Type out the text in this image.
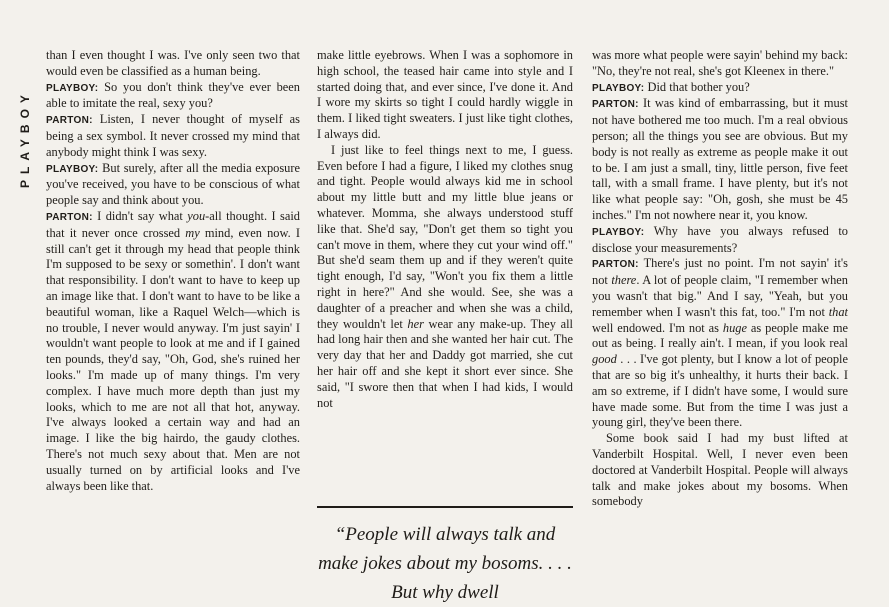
PLAYBOY

than I even thought I was. I've only seen two that would even be classified as a human being.

PLAYBOY: So you don't think they've ever been able to imitate the real, sexy you?

PARTON: Listen, I never thought of myself as being a sex symbol. It never crossed my mind that anybody might think I was sexy.

PLAYBOY: But surely, after all the media exposure you've received, you have to be conscious of what people say and think about you.

PARTON: I didn't say what you-all thought. I said that it never once crossed my mind, even now. I still can't get it through my head that people think I'm supposed to be sexy or somethin'. I don't want that responsibility. I don't want to have to keep up an image like that. I don't want to have to be like a beautiful woman, like a Raquel Welch—which is no trouble, I never would anyway. I'm just sayin' I wouldn't want people to look at me and if I gained ten pounds, they'd say, "Oh, God, she's ruined her looks." I'm made up of many things. I'm very complex. I have much more depth than just my looks, which to me are not all that hot, anyway. I've always looked a certain way and had an image. I like the big hairdo, the gaudy clothes. There's not much sexy about that. Men are not usually turned on by artificial looks and I've always been like that.

make little eyebrows. When I was a sophomore in high school, the teased hair came into style and I started doing that, and ever since, I've done it. And I wore my skirts so tight I could hardly wiggle in them. I liked tight sweaters. I just like tight clothes, I always did.

I just like to feel things next to me, I guess. Even before I had a figure, I liked my clothes snug and tight. People would always kid me in school about my little butt and my little blue jeans or whatever. Momma, she always understood stuff like that. She'd say, "Don't get them so tight you can't move in them, where they cut your wind off." But she'd seam them up and if they weren't quite tight enough, I'd say, "Won't you fix them a little right in here?" And she would. See, she was a daughter of a preacher and when she was a child, they wouldn't let her wear any make-up. They all had long hair then and she wanted her hair cut. The very day that her and Daddy got married, she cut her hair off and she kept it short ever since. She said, "I swore then that when I had kids, I would not

“People will always talk and make jokes about my bosoms. . . . But why dwell

was more what people were sayin' behind my back: "No, they're not real, she's got Kleenex in there."

PLAYBOY: Did that bother you?

PARTON: It was kind of embarrassing, but it must not have bothered me too much. I'm a real obvious person; all the things you see are obvious. But my body is not really as extreme as people make it out to be. I am just a small, tiny, little person, five feet tall, with a small frame. I have plenty, but it's not like what people say: "Oh, gosh, she must be 45 inches." I'm not nowhere near it, you know.

PLAYBOY: Why have you always refused to disclose your measurements?

PARTON: There's just no point. I'm not sayin' it's not there. A lot of people claim, "I remember when you wasn't that big." And I say, "Yeah, but you remember when I wasn't this fat, too." I'm not that well endowed. I'm not as huge as people make me out as being. I really ain't. I mean, if you look real good . . . I've got plenty, but I know a lot of people that are so big it's unhealthy, it hurts their back. I am so extreme, if I didn't have some, I would sure have made some. But from the time I was just a young girl, they've been there.

Some book said I had my bust lifted at Vanderbilt Hospital. Well, I never even been doctored at Vanderbilt Hospital. People will always talk and make jokes about my bosoms. When somebody
